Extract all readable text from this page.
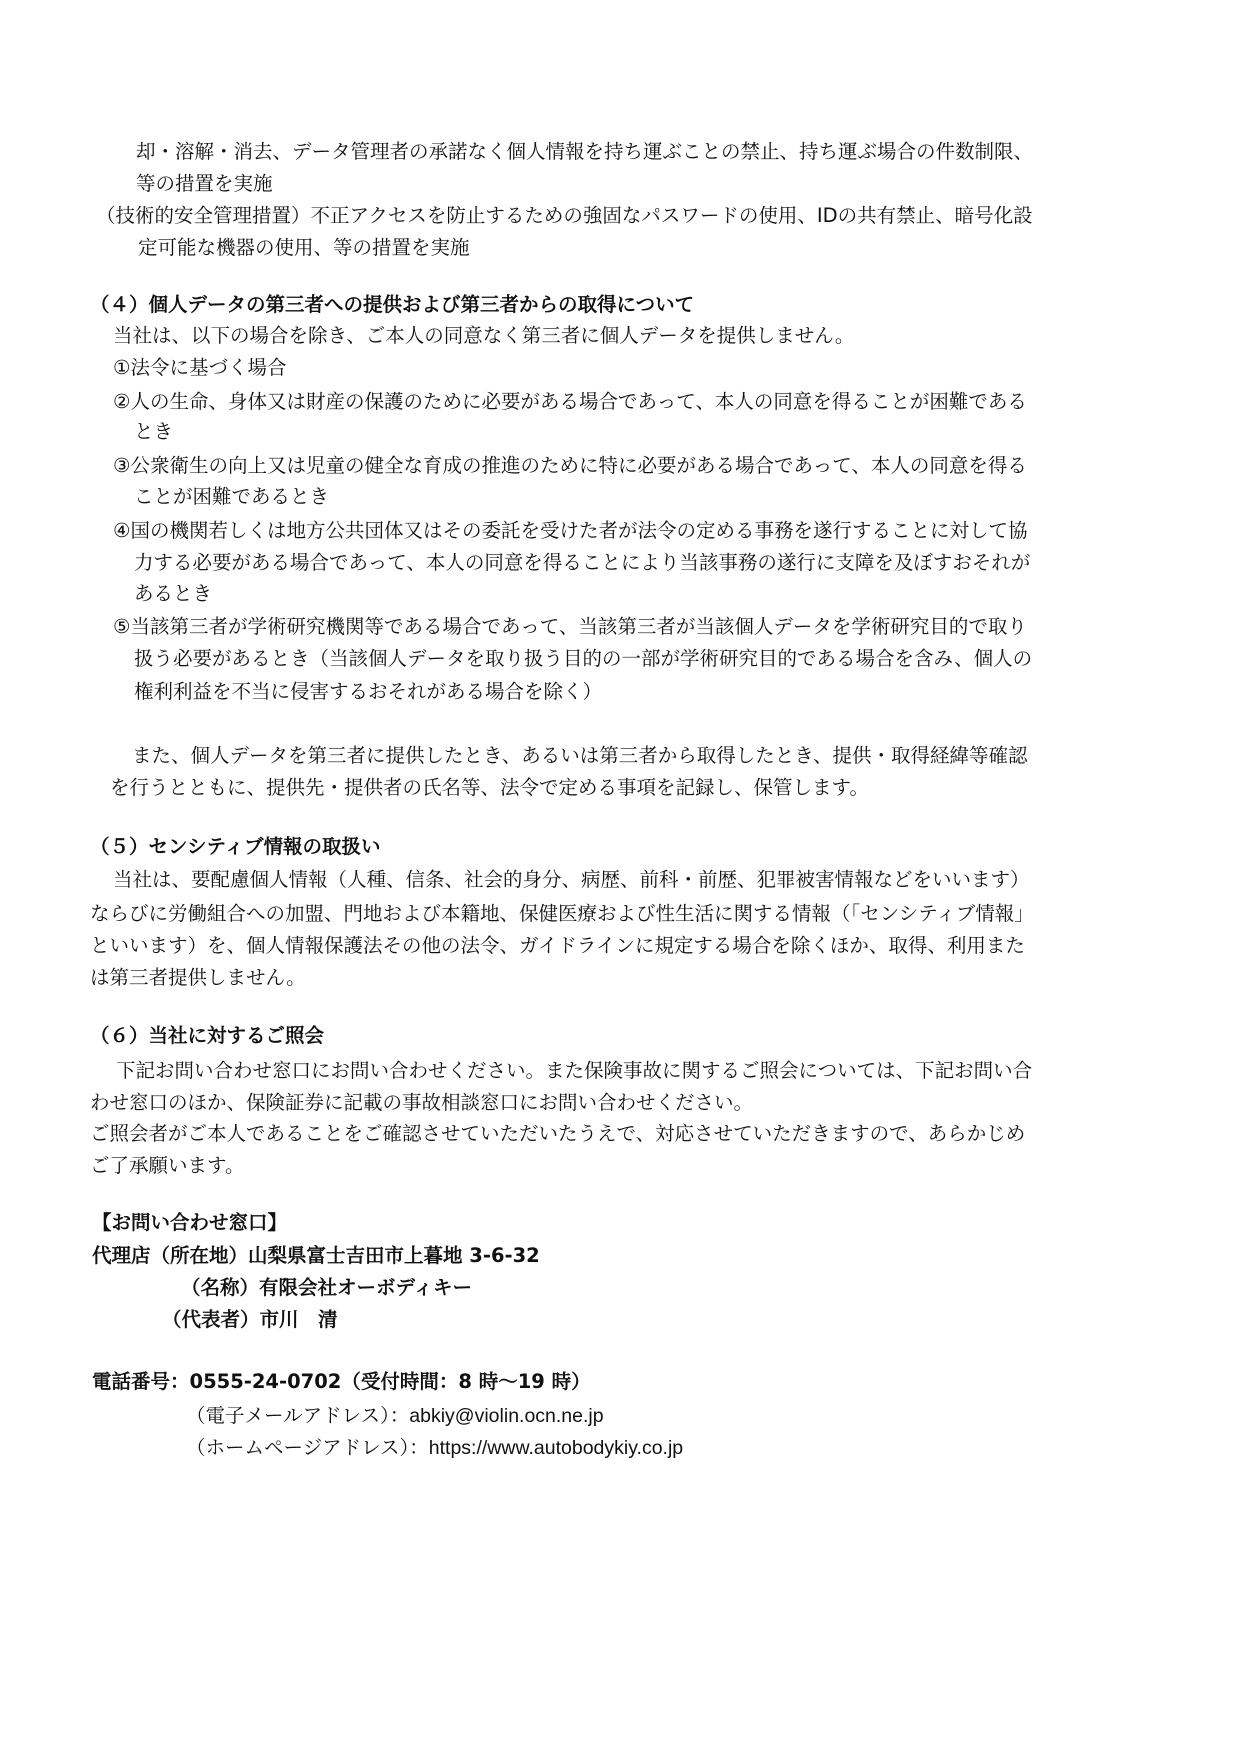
却・溶解・消去、データ管理者の承諾なく個人情報を持ち運ぶことの禁止、持ち運ぶ場合の件数制限、
等の措置を実施
（技術的安全管理措置）不正アクセスを防止するための強固なパスワードの使用、IDの共有禁止、暗号化設
定可能な機器の使用、等の措置を実施
（４）個人データの第三者への提供および第三者からの取得について
当社は、以下の場合を除き、ご本人の同意なく第三者に個人データを提供しません。
①法令に基づく場合
②人の生命、身体又は財産の保護のために必要がある場合であって、本人の同意を得ることが困難である
とき
③公衆衛生の向上又は児童の健全な育成の推進のために特に必要がある場合であって、本人の同意を得る
ことが困難であるとき
④国の機関若しくは地方公共団体又はその委託を受けた者が法令の定める事務を遂行することに対して協
力する必要がある場合であって、本人の同意を得ることにより当該事務の遂行に支障を及ぼすおそれが
あるとき
⑤当該第三者が学術研究機関等である場合であって、当該第三者が当該個人データを学術研究目的で取り
扱う必要があるとき（当該個人データを取り扱う目的の一部が学術研究目的である場合を含み、個人の
権利利益を不当に侵害するおそれがある場合を除く）
また、個人データを第三者に提供したとき、あるいは第三者から取得したとき、提供・取得経緯等確認
を行うとともに、提供先・提供者の氏名等、法令で定める事項を記録し、保管します。
（５）センシティブ情報の取扱い
当社は、要配慮個人情報（人種、信条、社会的身分、病歴、前科・前歴、犯罪被害情報などをいいます）
ならびに労働組合への加盟、門地および本籍地、保健医療および性生活に関する情報（「センシティブ情報」
といいます）を、個人情報保護法その他の法令、ガイドラインに規定する場合を除くほか、取得、利用また
は第三者提供しません。
（６）当社に対するご照会
下記お問い合わせ窓口にお問い合わせください。また保険事故に関するご照会については、下記お問い合
わせ窓口のほか、保険証券に記載の事故相談窓口にお問い合わせください。
ご照会者がご本人であることをご確認させていただいたうえで、対応させていただきますので、あらかじめ
ご了承願います。
【お問い合わせ窓口】
代理店（所在地）山梨県富士吉田市上暮地 3-6-32
（名称）有限会社オーボディキー
（代表者）市川　清
電話番号：0555-24-0702（受付時間：8 時～19 時）
（電子メールアドレス）：abkiy@violin.ocn.ne.jp
（ホームページアドレス）：https://www.autobodykiy.co.jp
